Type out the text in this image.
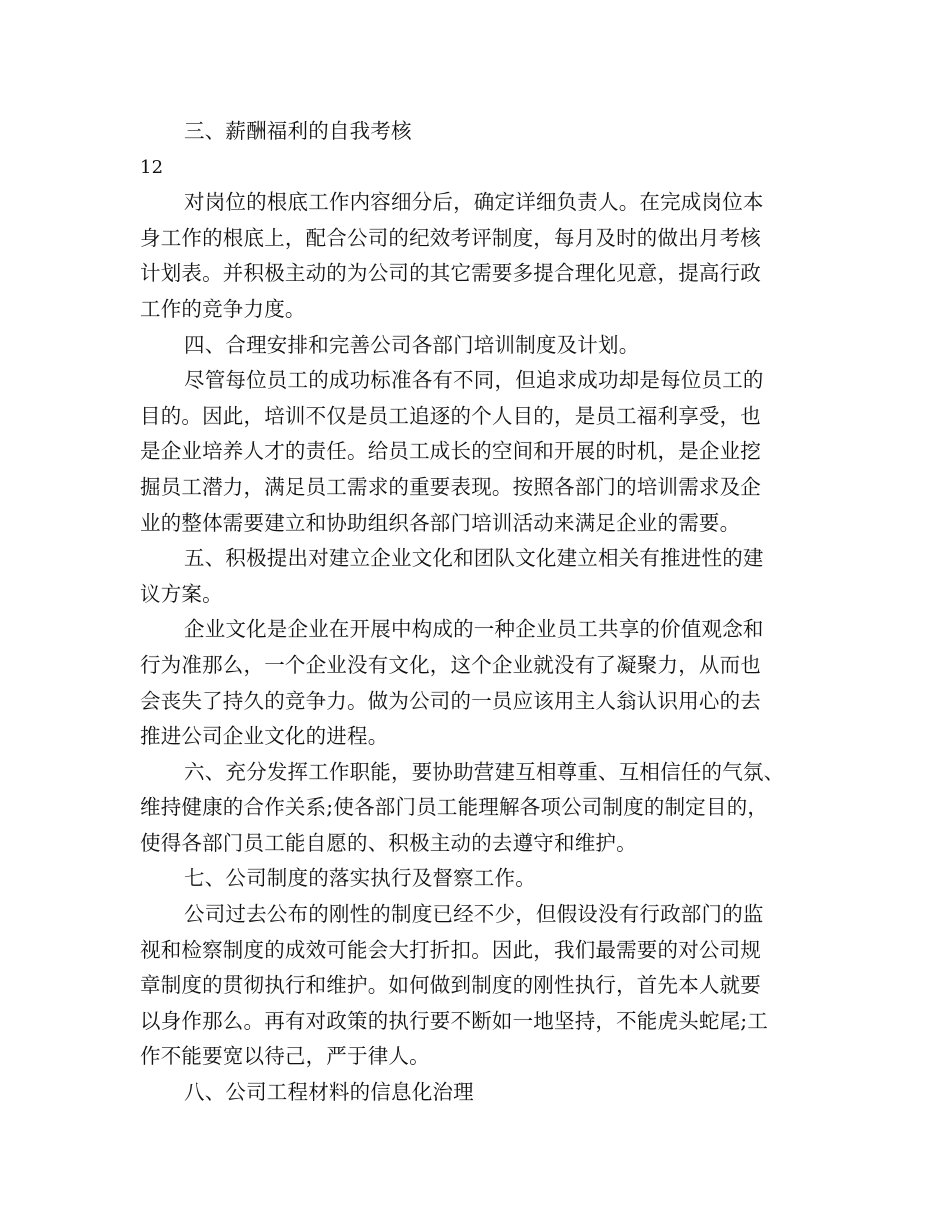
三、薪酬福利的自我考核
12
对岗位的根底工作内容细分后，确定详细负责人。在完成岗位本
身工作的根底上，配合公司的纪效考评制度，每月及时的做出月考核
计划表。并积极主动的为公司的其它需要多提合理化见意，提高行政
工作的竞争力度。
四、合理安排和完善公司各部门培训制度及计划。
尽管每位员工的成功标准各有不同，但追求成功却是每位员工的
目的。因此，培训不仅是员工追逐的个人目的，是员工福利享受，也
是企业培养人才的责任。给员工成长的空间和开展的时机，是企业挖
掘员工潜力，满足员工需求的重要表现。按照各部门的培训需求及企
业的整体需要建立和协助组织各部门培训活动来满足企业的需要。
五、积极提出对建立企业文化和团队文化建立相关有推进性的建
议方案。
企业文化是企业在开展中构成的一种企业员工共享的价值观念和
行为准那么，一个企业没有文化，这个企业就没有了凝聚力，从而也
会丧失了持久的竞争力。做为公司的一员应该用主人翁认识用心的去
推进公司企业文化的进程。
六、充分发挥工作职能，要协助营建互相尊重、互相信任的气氛、
维持健康的合作关系;使各部门员工能理解各项公司制度的制定目的，
使得各部门员工能自愿的、积极主动的去遵守和维护。
七、公司制度的落实执行及督察工作。
公司过去公布的刚性的制度已经不少，但假设没有行政部门的监
视和检察制度的成效可能会大打折扣。因此，我们最需要的对公司规
章制度的贯彻执行和维护。如何做到制度的刚性执行，首先本人就要
以身作那么。再有对政策的执行要不断如一地坚持，不能虎头蛇尾;工
作不能要宽以待己，严于律人。
八、公司工程材料的信息化治理
